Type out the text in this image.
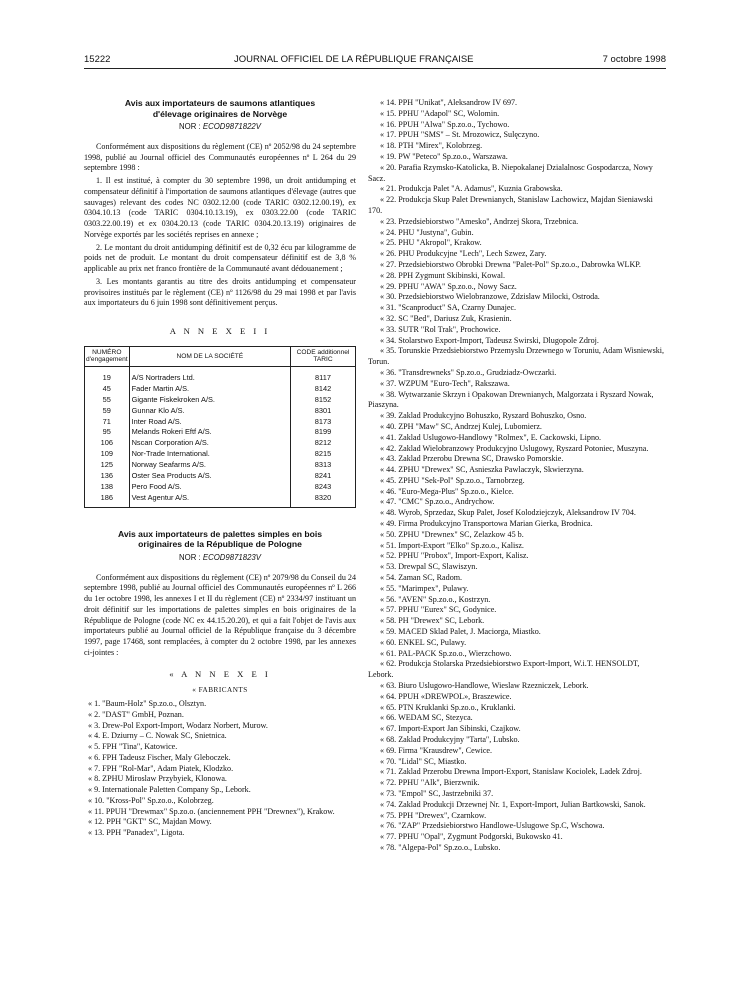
15222	JOURNAL OFFICIEL DE LA RÉPUBLIQUE FRANÇAISE	7 octobre 1998
Avis aux importateurs de saumons atlantiques
d'élevage originaires de Norvège
NOR : ECOD9871822V

Conformément aux dispositions du règlement (CE) nº 2052/98 du 24 septembre 1998, publié au Journal officiel des Communautés européennes nº L 264 du 29 septembre 1998 :

1. Il est institué, à compter du 30 septembre 1998, un droit antidumping et compensateur définitif à l'importation de saumons atlantiques d'élevage (autres que sauvages) relevant des codes NC 0302.12.00 (code TARIC 0302.12.00.19), ex 0304.10.13 (code TARIC 0304.10.13.19), ex 0303.22.00 (code TARIC 0303.22.00.19) et ex 0304.20.13 (code TARIC 0304.20.13.19) originaires de Norvège exportés par les sociétés reprises en annexe ;

2. Le montant du droit antidumping définitif est de 0,32 écu par kilogramme de poids net de produit. Le montant du droit compensateur définitif est de 3,8 % applicable au prix net franco frontière de la Communauté avant dédouanement ;

3. Les montants garantis au titre des droits antidumping et compensateur provisoires institués par le règlement (CE) nº 1126/98 du 29 mai 1998 et par l'avis aux importateurs du 6 juin 1998 sont définitivement perçus.

A N N E X E I I
NUMÉRO d'engagement	NOM DE LA SOCIÉTÉ	CODE additionnel TARIC
19	A/S Nortraders Ltd.	8117
45	Fader Martin A/S.	8142
55	Gigante Fiskekroken A/S.	8152
59	Gunnar Klo A/S.	8301
71	Inter Road A/S.	8173
95	Melands Rokeri Eftf A/S.	8199
106	Nscan Corporation A/S.	8212
109	Nor-Trade International.	8215
125	Norway Seafarms A/S.	8313
136	Oster Sea Products A/S.	8241
138	Pero Food A/S.	8243
186	Vest Agentur A/S.	8320
Avis aux importateurs de palettes simples en bois
originaires de la République de Pologne
NOR : ECOD9871823V

Conformément aux dispositions du règlement (CE) nº 2079/98 du Conseil du 24 septembre 1998, publié au Journal officiel des Communautés européennes nº L 266 du 1er octobre 1998, les annexes I et II du règlement (CE) nº 2334/97 instituant un droit définitif sur les importations de palettes simples en bois originaires de la République de Pologne (code NC ex 44.15.20.20), et qui a fait l'objet de l'avis aux importateurs publié au Journal officiel de la République française du 3 décembre 1997, page 17468, sont remplacées, à compter du 2 octobre 1998, par les annexes ci-jointes :

« A N N E X E I
« FABRICANTS
« 1. "Baum-Holz" Sp.zo.o., Olsztyn.
« 2. "DAST" GmbH, Poznan.
« 3. Drew-Pol Export-Import, Wodarz Norbert, Murow.
« 4. E. Dziurny – C. Nowak SC, Snietnica.
« 5. FPH "Tina", Katowice.
« 6. FPH Tadeusz Fischer, Maly Gleboczek.
« 7. FPH "Rol-Mar", Adam Piatek, Klodzko.
« 8. ZPHU Miroslaw Przybyiek, Klonowa.
« 9. Internationale Paletten Company Sp., Lebork.
« 10. "Kross-Pol" Sp.zo.o., Kolobrzeg.
« 11. PPUH "Drewmax" Sp.zo.o. (anciennement PPH "Drewnex"), Krakow.
« 12. PPH "GKT" SC, Majdan Mowy.
« 13. PPH "Panadex", Ligota.
« 14. PPH "Unikat", Aleksandrow IV 697.
« 15. PPHU "Adapol" SC, Wolomin.
« 16. PPUH "Alwa" Sp.zo.o., Tychowo.
« 17. PPUH "SMS" – St. Mrozowicz, Sulęczyno.
« 18. PTH "Mirex", Kolobrzeg.
« 19. PW "Peteco" Sp.zo.o., Warszawa.
« 20. Parafia Rzymsko-Katolicka, B. Niepokalanej Dzialalnosc Gospodarcza, Nowy Sacz.
« 21. Produkcja Palet "A. Adamus", Kuznia Grabowska.
« 22. Produkcja Skup Palet Drewnianych, Stanislaw Lachowicz, Majdan Sieniawski 170.
« 23. Przedsiebiorstwo "Amesko", Andrzej Skora, Trzebnica.
« 24. PHU "Justyna", Gubin.
« 25. PHU "Akropol", Krakow.
« 26. PHU Produkcyjne "Lech", Lech Szwez, Zary.
« 27. Przedsiebiorstwo Obrobki Drewna "Palet-Pol" Sp.zo.o., Dabrowka WLKP.
« 28. PPH Zygmunt Skibinski, Kowal.
« 29. PPHU "AWA" Sp.zo.o., Nowy Sacz.
« 30. Przedsiebiorstwo Wielobranzowe, Zdzislaw Milocki, Ostroda.
« 31. "Scanproduct" SA, Czarny Dunajec.
« 32. SC "Bed", Dariusz Zuk, Krasienin.
« 33. SUTR "Rol Trak", Prochowice.
« 34. Stolarstwo Export-Import, Tadeusz Swirski, Dlugopole Zdroj.
« 35. Torunskie Przedsiebiorstwo Przemyslu Drzewnego w Toruniu, Adam Wisniewski, Torun.
« 36. "Transdrewneks" Sp.zo.o., Grudziadz-Owczarki.
« 37. WZPUM "Euro-Tech", Rakszawa.
« 38. Wytwarzanie Skrzyn i Opakowan Drewnianych, Malgorzata i Ryszard Nowak, Piaszyna.
« 39. Zaklad Produkcyjno Bohuszko, Ryszard Bohuszko, Osno.
« 40. ZPH "Maw" SC, Andrzej Kulej, Lubomierz.
« 41. Zaklad Uslugowo-Handlowy "Rolmex", E. Cackowski, Lipno.
« 42. Zaklad Wielobranzowy Produkcyjno Uslugowy, Ryszard Potoniec, Muszyna.
« 43. Zaklad Przerobu Drewna SC, Drawsko Pomorskie.
« 44. ZPHU "Drewex" SC, Asnieszka Pawlaczyk, Skwierzyna.
« 45. ZPHU "Sek-Pol" Sp.zo.o., Tarnobrzeg.
« 46. "Euro-Mega-Plus" Sp.zo.o., Kielce.
« 47. "CMC" Sp.zo.o., Andrychow.
« 48. Wyrob, Sprzedaz, Skup Palet, Josef Kolodziejczyk, Aleksandrow IV 704.
« 49. Firma Produkcyjno Transportowa Marian Gierka, Brodnica.
« 50. ZPHU "Drewnex" SC, Zelazkow 45 b.
« 51. Import-Export "Elko" Sp.zo.o., Kalisz.
« 52. PPHU "Probox", Import-Export, Kalisz.
« 53. Drewpal SC, Slawiszyn.
« 54. Zaman SC, Radom.
« 55. "Marimpex", Pulawy.
« 56. "AVEN" Sp.zo.o., Kostrzyn.
« 57. PPHU "Eurex" SC, Godynice.
« 58. PH "Drewex" SC, Lebork.
« 59. MACED Sklad Palet, J. Maciorga, Miastko.
« 60. ENKEL SC, Pulawy.
« 61. PAL-PACK Sp.zo.o., Wierzchowo.
« 62. Produkcja Stolarska Przedsiebiorstwo Export-Import, W.i.T. HENSOLDT, Lebork.
« 63. Biuro Uslugowo-Handlowe, Wieslaw Rzezniczek, Lebork.
« 64. PPUH «DREWPOL», Braszewice.
« 65. PTN Kruklanki Sp.zo.o., Kruklanki.
« 66. WEDAM SC, Stezyca.
« 67. Import-Export Jan Sibinski, Czajkow.
« 68. Zaklad Produkcyjny "Tarta", Lubsko.
« 69. Firma "Krausdrew", Cewice.
« 70. "Lidal" SC, Miastko.
« 71. Zaklad Przerobu Drewna Import-Export, Stanislaw Kociolek, Ladek Zdroj.
« 72. PPHU "Alk", Bierzwnik.
« 73. "Empol" SC, Jastrzebniki 37.
« 74. Zaklad Produkcji Drzewnej Nr. 1, Export-Import, Julian Bartkowski, Sanok.
« 75. PPH "Drewex", Czarnkow.
« 76. "ZAP" Przedsiebiorstwo Handlowe-Uslugowe Sp.C, Wschowa.
« 77. PPHU "Opal", Zygmunt Podgorski, Bukowsko 41.
« 78. "Algepa-Pol" Sp.zo.o., Lubsko.
